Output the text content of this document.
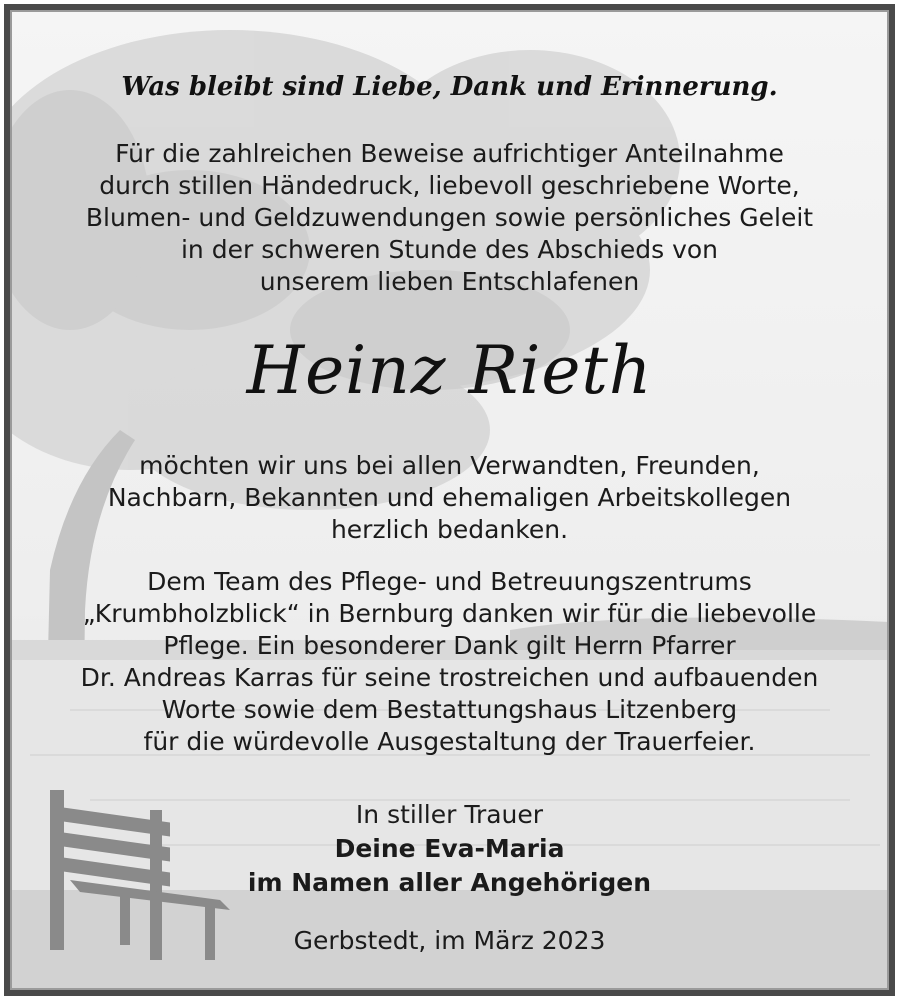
Was bleibt sind Liebe, Dank und Erinnerung.
Für die zahlreichen Beweise aufrichtiger Anteilnahme
durch stillen Händedruck, liebevoll geschriebene Worte,
Blumen- und Geldzuwendungen sowie persönliches Geleit
in der schweren Stunde des Abschieds von
unserem lieben Entschlafenen
Heinz Rieth
möchten wir uns bei allen Verwandten, Freunden,
Nachbarn, Bekannten und ehemaligen Arbeitskollegen
herzlich bedanken.
Dem Team des Pflege- und Betreuungszentrums
„Krumbholzblick“ in Bernburg danken wir für die liebevolle
Pflege. Ein besonderer Dank gilt Herrn Pfarrer
Dr. Andreas Karras für seine trostreichen und aufbauenden
Worte sowie dem Bestattungshaus Litzenberg
für die würdevolle Ausgestaltung der Trauerfeier.
In stiller Trauer
Deine Eva-Maria
im Namen aller Angehörigen
Gerbstedt, im März 2023
